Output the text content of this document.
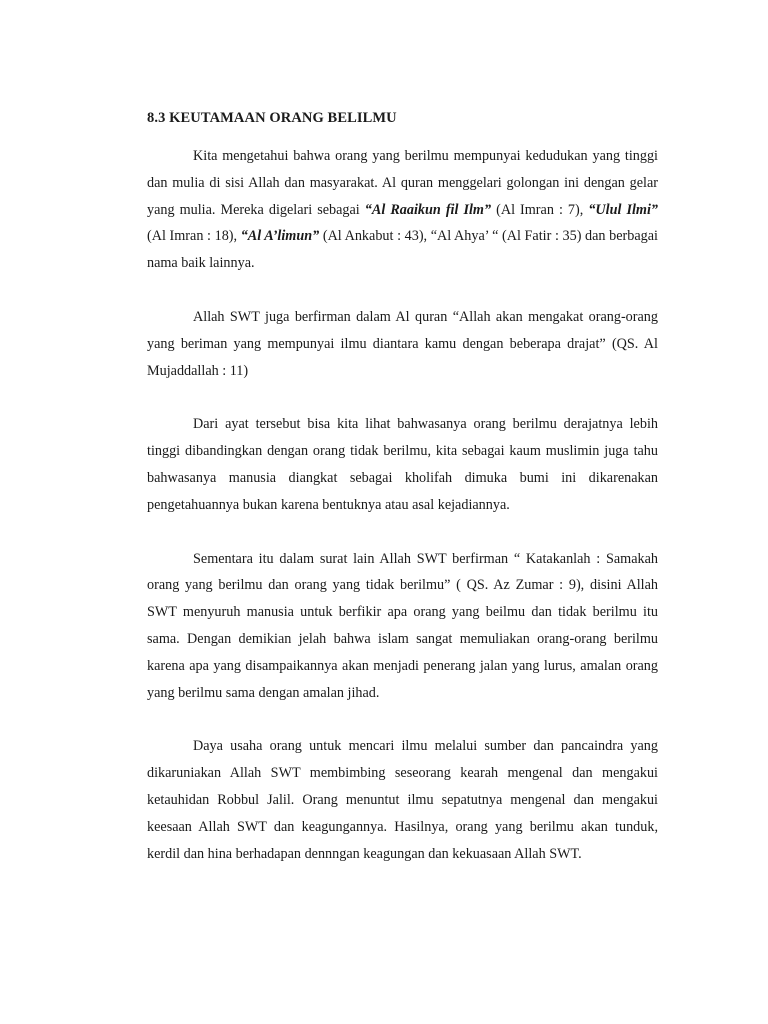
8.3 KEUTAMAAN ORANG BELILMU

Kita mengetahui bahwa orang yang berilmu mempunyai kedudukan yang tinggi dan mulia di sisi Allah dan masyarakat. Al quran menggelari golongan ini dengan gelar yang mulia. Mereka digelari sebagai “Al Raaikun fil Ilm” (Al Imran : 7), “Ulul Ilmi” (Al Imran : 18), “Al A’limun” (Al Ankabut : 43), “Al Ahya’ “ (Al Fatir : 35) dan berbagai nama baik lainnya.

Allah SWT juga berfirman dalam Al quran “Allah akan mengakat orang-orang yang beriman yang mempunyai ilmu diantara kamu dengan beberapa drajat” (QS. Al Mujaddallah : 11)

Dari ayat tersebut bisa kita lihat bahwasanya orang berilmu derajatnya lebih tinggi dibandingkan dengan orang tidak berilmu, kita sebagai kaum muslimin juga tahu bahwasanya manusia diangkat sebagai kholifah dimuka bumi ini dikarenakan pengetahuannya bukan karena bentuknya atau asal kejadiannya.

Sementara itu dalam surat lain Allah SWT berfirman “ Katakanlah : Samakah orang yang berilmu dan orang yang tidak berilmu” ( QS. Az Zumar : 9), disini Allah SWT menyuruh manusia untuk berfikir apa orang yang beilmu dan tidak berilmu itu sama. Dengan demikian jelah bahwa islam sangat memuliakan orang-orang berilmu karena apa yang disampaikannya akan menjadi penerang jalan yang lurus, amalan orang yang berilmu sama dengan amalan jihad.

Daya usaha orang untuk mencari ilmu melalui sumber dan pancaindra yang dikaruniakan Allah SWT membimbing seseorang kearah mengenal dan mengakui ketauhidan Robbul Jalil. Orang menuntut ilmu sepatutnya mengenal dan mengakui keesaan Allah SWT dan keagungannya. Hasilnya, orang yang berilmu akan tunduk, kerdil dan hina berhadapan dennngan keagungan dan kekuasaan Allah SWT.
